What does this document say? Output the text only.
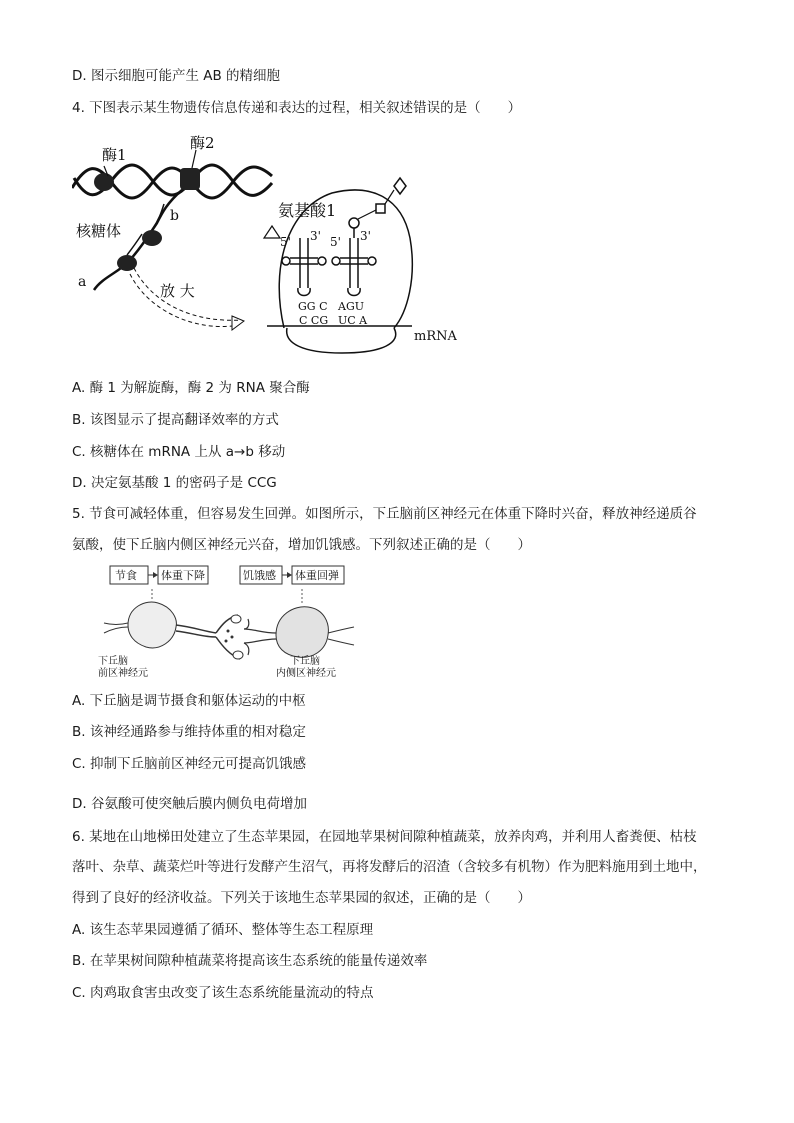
D. 图示细胞可能产生 AB 的精细胞
4. 下图表示某生物遗传信息传递和表达的过程，相关叙述错误的是（　　）
酶1
酶2
b
核糖体
a	放 大
mRNA
5' 3'
氨基酸1
5' 3'
GG C AGU
C CG UC A
A. 酶 1 为解旋酶，酶 2 为 RNA 聚合酶
B. 该图显示了提高翻译效率的方式
C. 核糖体在 mRNA 上从 a→b 移动
D. 决定氨基酸 1 的密码子是 CCG
5. 节食可减轻体重，但容易发生回弹。如图所示，下丘脑前区神经元在体重下降时兴奋，释放神经递质谷
氨酸，使下丘脑内侧区神经元兴奋，增加饥饿感。下列叙述正确的是（　　）
节食 体重下降	饥饿感 体重回弹
下丘脑
前区神经元
下丘脑
内侧区神经元
A. 下丘脑是调节摄食和躯体运动的中枢
B. 该神经通路参与维持体重的相对稳定
C. 抑制下丘脑前区神经元可提高饥饿感
D. 谷氨酸可使突触后膜内侧负电荷增加
6. 某地在山地梯田处建立了生态苹果园，在园地苹果树间隙种植蔬菜，放养肉鸡，并利用人畜粪便、枯枝
落叶、杂草、蔬菜烂叶等进行发酵产生沼气，再将发酵后的沼渣（含较多有机物）作为肥料施用到土地中，
得到了良好的经济收益。下列关于该地生态苹果园的叙述，正确的是（　　）
A. 该生态苹果园遵循了循环、整体等生态工程原理
B. 在苹果树间隙种植蔬菜将提高该生态系统的能量传递效率
C. 肉鸡取食害虫改变了该生态系统能量流动的特点
